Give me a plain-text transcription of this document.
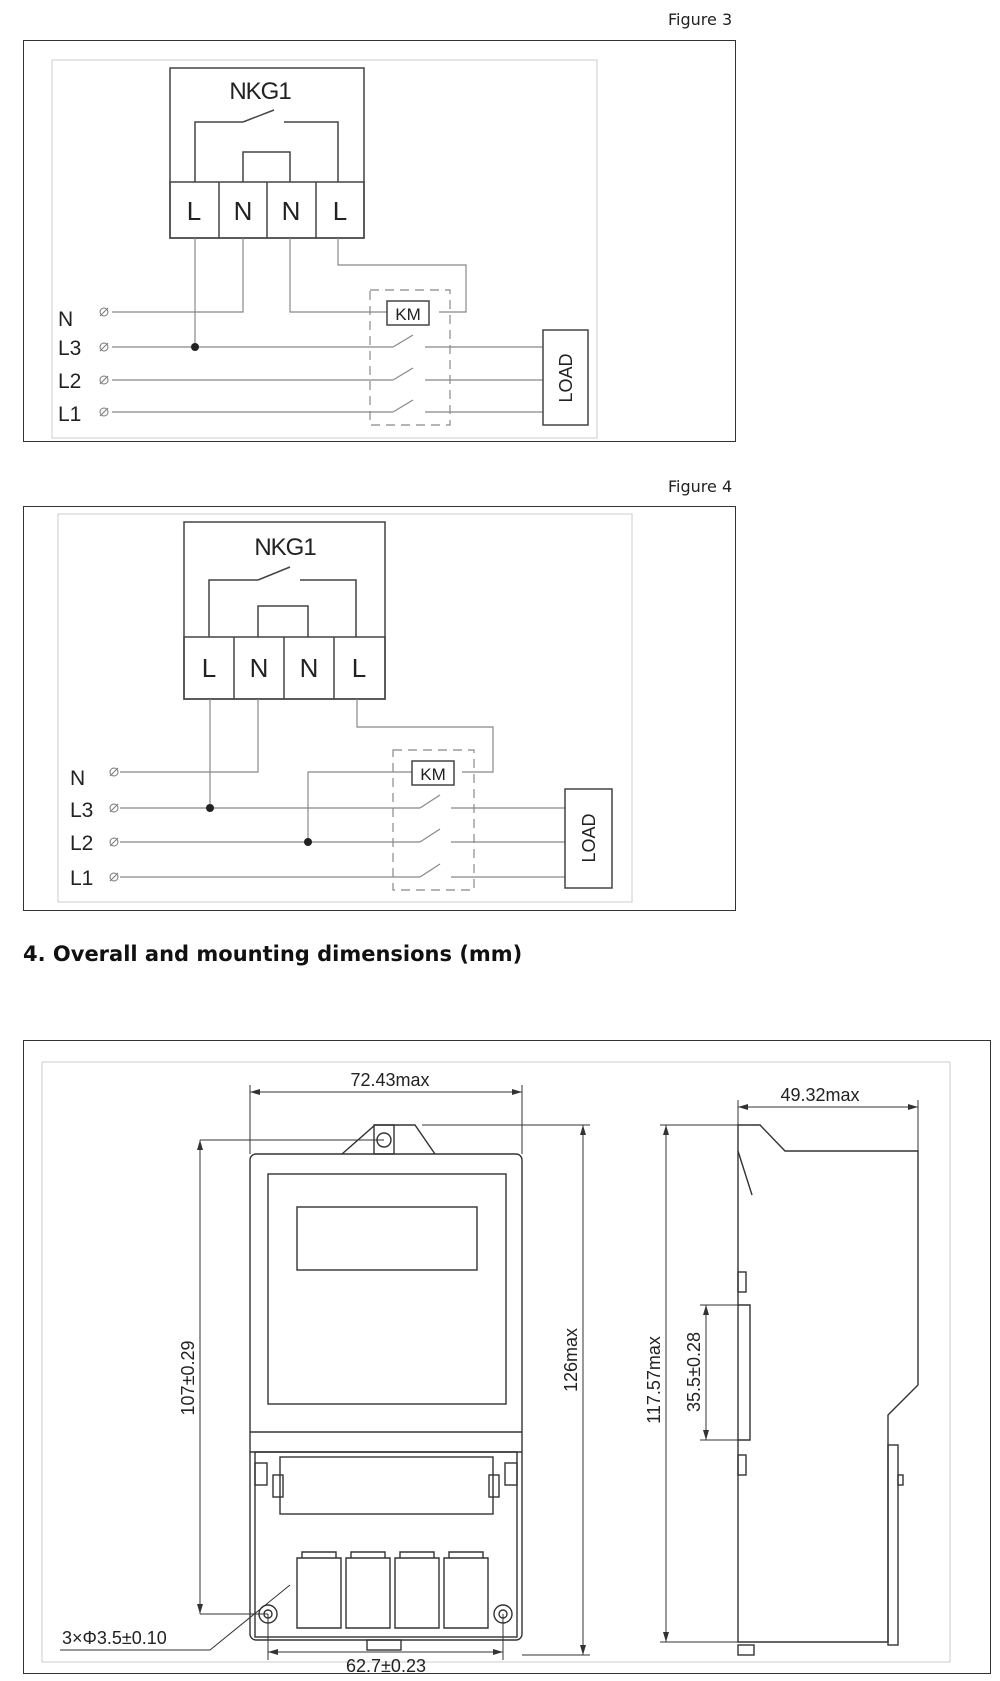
Figure 3
NKG1
L N N L
N
L3
L2
L1
KM
LOAD
Figure 4
NKG1
L N N L
N
L3
L2
L1
KM
LOAD
4. Overall and mounting dimensions (mm)
72.43max
49.32max
107±0.29	126max	117.57max 35.5±0.28
3×Φ3.5±0.10
62.7±0.23
